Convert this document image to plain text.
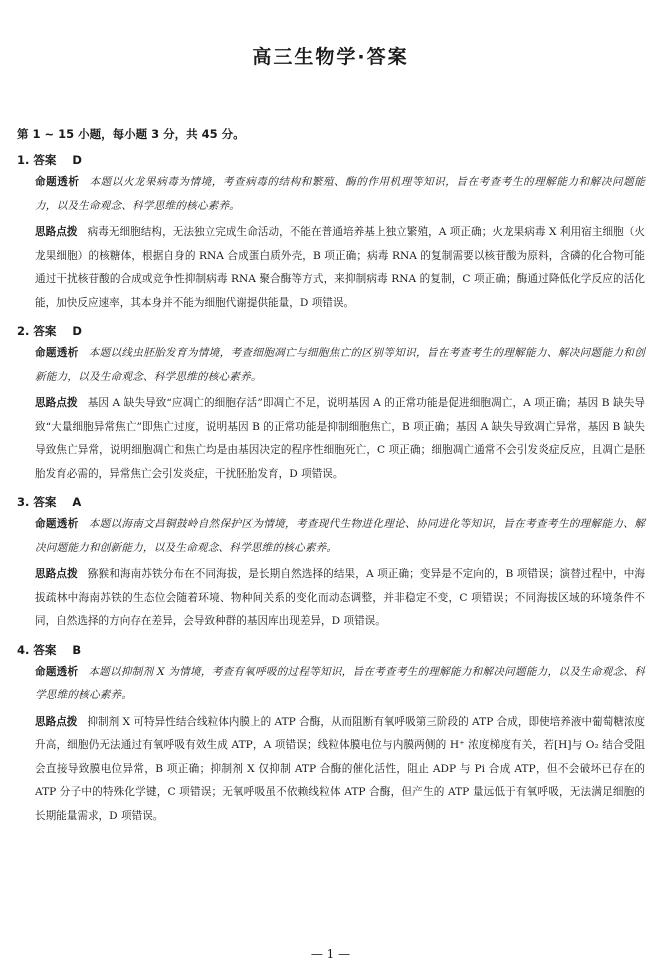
高三生物学·答案
第 1 ~ 15 小题，每小题 3 分，共 45 分。
1. 答案 D

命题透析 本题以火龙果病毒为情境，考查病毒的结构和繁殖、酶的作用机理等知识，旨在考查考生的理解能力和解决问题能力，以及生命观念、科学思维的核心素养。

思路点拨 病毒无细胞结构，无法独立完成生命活动，不能在普通培养基上独立繁殖，A 项正确；火龙果病毒 X 利用宿主细胞（火龙果细胞）的核糖体，根据自身的 RNA 合成蛋白质外壳，B 项正确；病毒 RNA 的复制需要以核苷酸为原料，含磷的化合物可能通过干扰核苷酸的合成或竞争性抑制病毒 RNA 聚合酶等方式，来抑制病毒 RNA 的复制，C 项正确；酶通过降低化学反应的活化能，加快反应速率，其本身并不能为细胞代谢提供能量，D 项错误。

2. 答案 D

命题透析 本题以线虫胚胎发育为情境，考查细胞凋亡与细胞焦亡的区别等知识，旨在考查考生的理解能力、解决问题能力和创新能力，以及生命观念、科学思维的核心素养。

思路点拨 基因 A 缺失导致“应凋亡的细胞存活”即凋亡不足，说明基因 A 的正常功能是促进细胞凋亡，A 项正确；基因 B 缺失导致“大量细胞异常焦亡”即焦亡过度，说明基因 B 的正常功能是抑制细胞焦亡，B 项正确；基因 A 缺失导致凋亡异常，基因 B 缺失导致焦亡异常，说明细胞凋亡和焦亡均是由基因决定的程序性细胞死亡，C 项正确；细胞凋亡通常不会引发炎症反应，且凋亡是胚胎发育必需的，异常焦亡会引发炎症，干扰胚胎发育，D 项错误。

3. 答案 A

命题透析 本题以海南文昌铜鼓岭自然保护区为情境，考查现代生物进化理论、协同进化等知识，旨在考查考生的理解能力、解决问题能力和创新能力，以及生命观念、科学思维的核心素养。

思路点拨 猕猴和海南苏铁分布在不同海拔，是长期自然选择的结果，A 项正确；变异是不定向的，B 项错误；演替过程中，中海拔疏林中海南苏铁的生态位会随着环境、物种间关系的变化而动态调整，并非稳定不变，C 项错误；不同海拔区域的环境条件不同，自然选择的方向存在差异，会导致种群的基因库出现差异，D 项错误。

4. 答案 B

命题透析 本题以抑制剂 X 为情境，考查有氧呼吸的过程等知识，旨在考查考生的理解能力和解决问题能力，以及生命观念、科学思维的核心素养。

思路点拨 抑制剂 X 可特异性结合线粒体内膜上的 ATP 合酶，从而阻断有氧呼吸第三阶段的 ATP 合成，即使培养液中葡萄糖浓度升高，细胞仍无法通过有氧呼吸有效生成 ATP，A 项错误；线粒体膜电位与内膜两侧的 H⁺ 浓度梯度有关，若[H]与 O₂ 结合受阻会直接导致膜电位异常，B 项正确；抑制剂 X 仅抑制 ATP 合酶的催化活性，阻止 ADP 与 Pi 合成 ATP，但不会破坏已存在的 ATP 分子中的特殊化学键，C 项错误；无氧呼吸虽不依赖线粒体 ATP 合酶，但产生的 ATP 量远低于有氧呼吸，无法满足细胞的长期能量需求，D 项错误。

— 1 —
